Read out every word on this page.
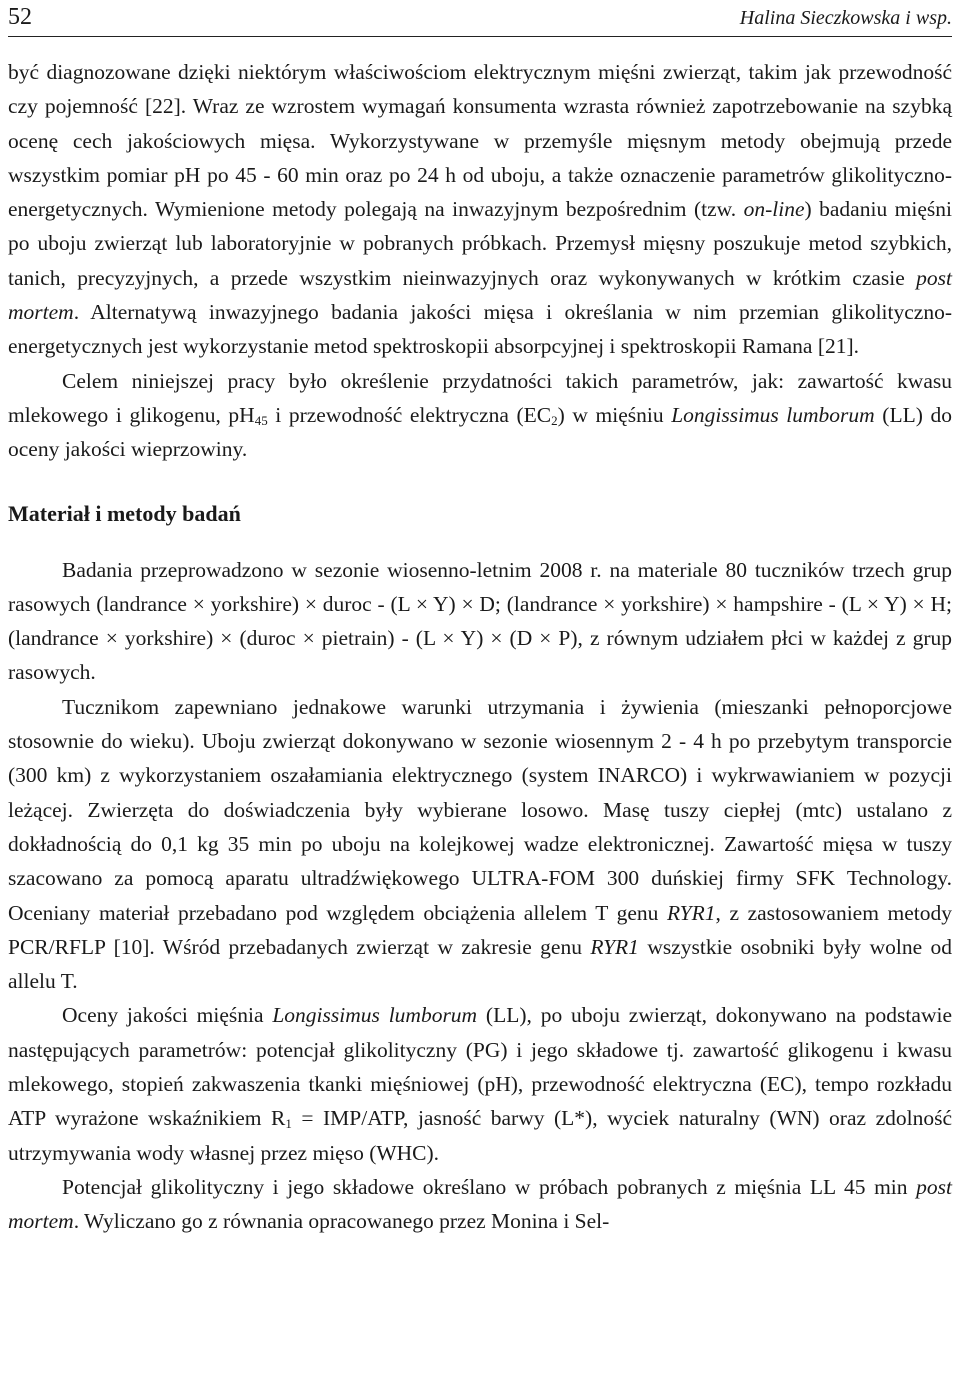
52	Halina Sieczkowska i wsp.

być diagnozowane dzięki niektórym właściwościom elektrycznym mięśni zwierząt, takim jak przewodność czy pojemność [22]. Wraz ze wzrostem wymagań konsumenta wzrasta również zapotrzebowanie na szybką ocenę cech jakościowych mięsa. Wykorzystywane w przemyśle mięsnym metody obejmują przede wszystkim pomiar pH po 45 - 60 min oraz po 24 h od uboju, a także oznaczenie parametrów glikolityczno-energetycznych. Wymienione metody polegają na inwazyjnym bezpośrednim (tzw. on-line) badaniu mięśni po uboju zwierząt lub laboratoryjnie w pobranych próbkach. Przemysł mięsny poszukuje metod szybkich, tanich, precyzyjnych, a przede wszystkim nieinwazyjnych oraz wykonywanych w krótkim czasie post mortem. Alternatywą inwazyjnego badania jakości mięsa i określania w nim przemian glikolityczno-energetycznych jest wykorzystanie metod spektroskopii absorpcyjnej i spektroskopii Ramana [21].

Celem niniejszej pracy było określenie przydatności takich parametrów, jak: zawartość kwasu mlekowego i glikogenu, $pH_{45}$ i przewodność elektryczna $(EC_2)$ w mięśniu Longissimus lumborum (LL) do oceny jakości wieprzowiny.

Materiał i metody badań

Badania przeprowadzono w sezonie wiosenno-letnim 2008 r. na materiale 80 tuczników trzech grup rasowych (landrance × yorkshire) × duroc - (L × Y) × D; (landrance × yorkshire) × hampshire - (L × Y) × H; (landrance × yorkshire) × (duroc × pietrain) - (L × Y) × (D × P), z równym udziałem płci w każdej z grup rasowych.

Tucznikom zapewniano jednakowe warunki utrzymania i żywienia (mieszanki pełnoporcjowe stosownie do wieku). Uboju zwierząt dokonywano w sezonie wiosennym 2 - 4 h po przebytym transporcie (300 km) z wykorzystaniem oszałamiania elektrycznego (system INARCO) i wykrwawianiem w pozycji leżącej. Zwierzęta do doświadczenia były wybierane losowo. Masę tuszy ciepłej (mtc) ustalano z dokładnością do 0,1 kg 35 min po uboju na kolejkowej wadze elektronicznej. Zawartość mięsa w tuszy szacowano za pomocą aparatu ultradźwiękowego ULTRA-FOM 300 duńskiej firmy SFK Technology. Oceniany materiał przebadano pod względem obciążenia allelem T genu RYR1, z zastosowaniem metody PCR/RFLP [10]. Wśród przebadanych zwierząt w zakresie genu RYR1 wszystkie osobniki były wolne od allelu T.

Oceny jakości mięśnia Longissimus lumborum (LL), po uboju zwierząt, dokonywano na podstawie następujących parametrów: potencjał glikolityczny (PG) i jego składowe tj. zawartość glikogenu i kwasu mlekowego, stopień zakwaszenia tkanki mięśniowej (pH), przewodność elektryczna (EC), tempo rozkładu ATP wyrażone wskaźnikiem $R_1 = IMP/ATP$, jasność barwy (L*), wyciek naturalny (WN) oraz zdolność utrzymywania wody własnej przez mięso (WHC).

Potencjał glikolityczny i jego składowe określano w próbach pobranych z mięśnia LL 45 min post mortem. Wyliczano go z równania opracowanego przez Monina i Sel-
